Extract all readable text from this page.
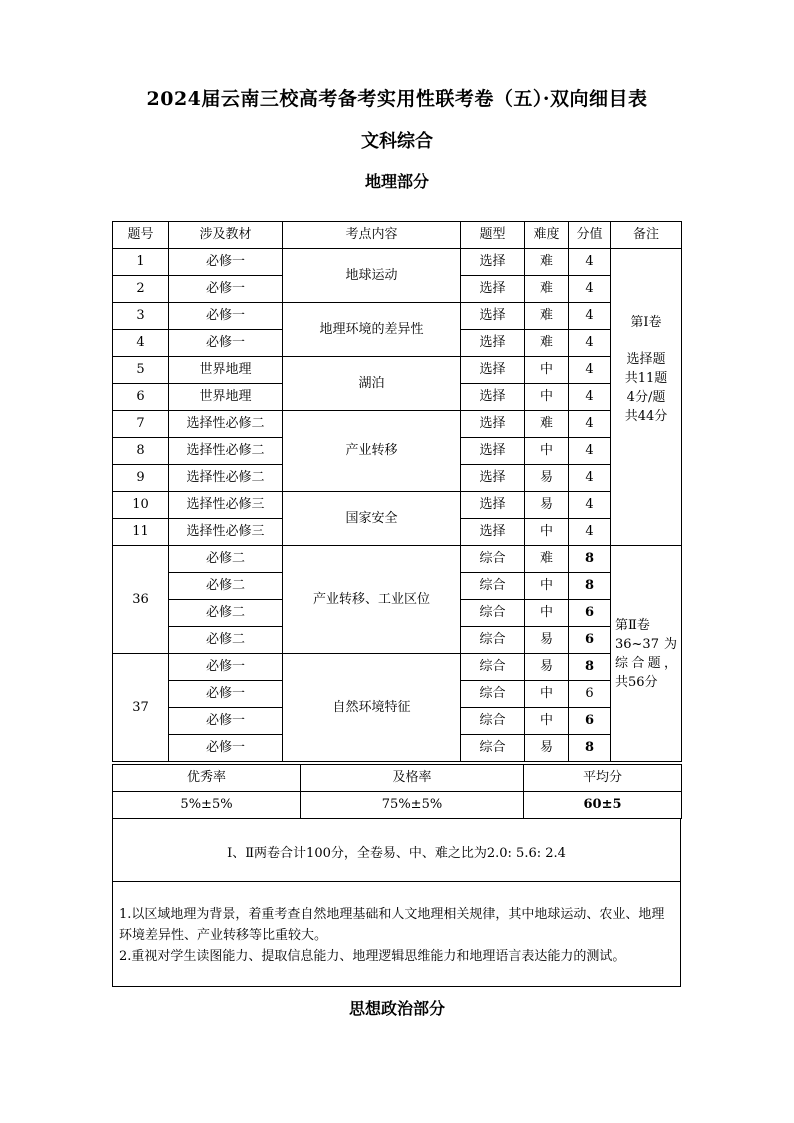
2024届云南三校高考备考实用性联考卷（五）·双向细目表
文科综合
地理部分
题号	涉及教材	考点内容	题型	难度	分值	备注
1	必修一	地球运动	选择	难	4	第Ⅰ卷
选择题
共11题
4分/题
共44分

2	必修一		选择	难	4	
3	必修一	地理环境的差异性	选择	难	4	
4	必修一		选择	难	4	
5	世界地理	湖泊	选择	中	4	
6	世界地理		选择	中	4	
7	选择性必修二	产业转移	选择	难	4	
8	选择性必修二		选择	中	4	
9	选择性必修二		选择	易	4	
10	选择性必修三	国家安全	选择	易	4	
11	选择性必修三		选择	中	4	
36	必修二	产业转移、工业区位	综合	难	8	第Ⅱ卷
36~37为综合题，共56分

	必修二		综合	中	8	
	必修二		综合	中	6	
	必修二		综合	易	6	
37	必修一	自然环境特征	综合	易	8	
	必修一		综合	中	6	
	必修一		综合	中	6	
	必修一		综合	易	8	
优秀率	及格率	平均分
5%±5%	75%±5%	60±5

Ⅰ、Ⅱ两卷合计100分，全卷易、中、难之比为2.0: 5.6: 2.4

1.以区域地理为背景，着重考查自然地理基础和人文地理相关规律，其中地球运动、农业、地理环境差异性、产业转移等比重较大。

2.重视对学生读图能力、提取信息能力、地理逻辑思维能力和地理语言表达能力的测试。

思想政治部分
